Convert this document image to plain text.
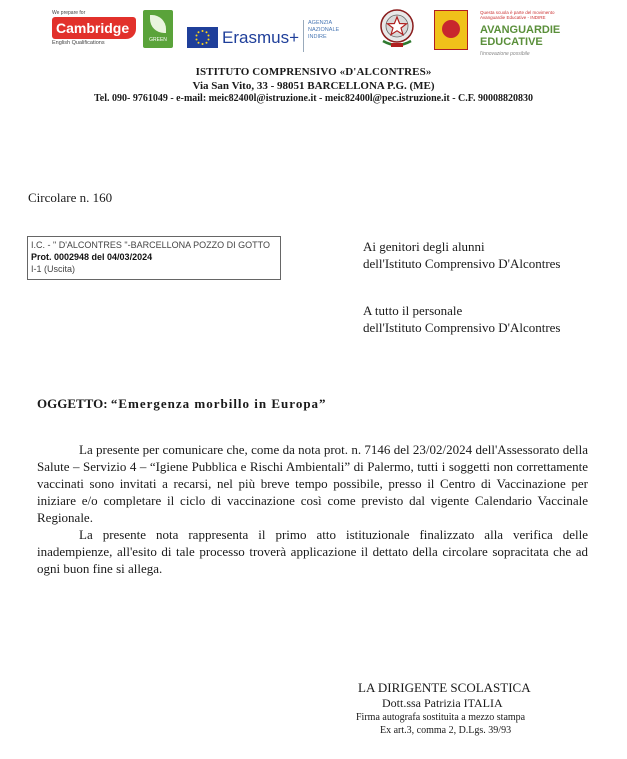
We prepare for
Cambridge
English Qualifications	GREEN	Erasmus+
AGENZIA
NAZIONALE
INDIRE
Questa scuola è parte del movimento Avanguardie Educative - INDIRE
AVANGUARDIE EDUCATIVE
l'innovazione possibile
ISTITUTO COMPRENSIVO «D'ALCONTRES»
Via San Vito, 33 - 98051 BARCELLONA P.G. (ME)
Tel. 090- 9761049 - e-mail: meic82400l@istruzione.it - meic82400l@pec.istruzione.it - C.F. 90008820830
Circolare n. 160
I.C. - " D'ALCONTRES "-BARCELLONA POZZO DI GOTTO
Prot. 0002948 del 04/03/2024
I-1 (Uscita)
Ai genitori degli alunni
dell'Istituto Comprensivo D'Alcontres
A tutto il personale
dell'Istituto Comprensivo D'Alcontres
OGGETTO: “Emergenza morbillo in Europa”

La presente per comunicare che, come da nota prot. n. 7146 del 23/02/2024 dell'Assessorato della Salute – Servizio 4 – “Igiene Pubblica e Rischi Ambientali” di Palermo, tutti i soggetti non correttamente vaccinati sono invitati a recarsi, nel più breve tempo possibile, presso il Centro di Vaccinazione per iniziare e/o completare il ciclo di vaccinazione così come previsto dal vigente Calendario Vaccinale Regionale.

La presente nota rappresenta il primo atto istituzionale finalizzato alla verifica delle inadempienze, all'esito di tale processo troverà applicazione il dettato della circolare sopracitata che ad ogni buon fine si allega.

LA DIRIGENTE SCOLASTICA
Dott.ssa Patrizia ITALIA
Firma autografa sostituita a mezzo stampa
Ex art.3, comma 2, D.Lgs. 39/93
